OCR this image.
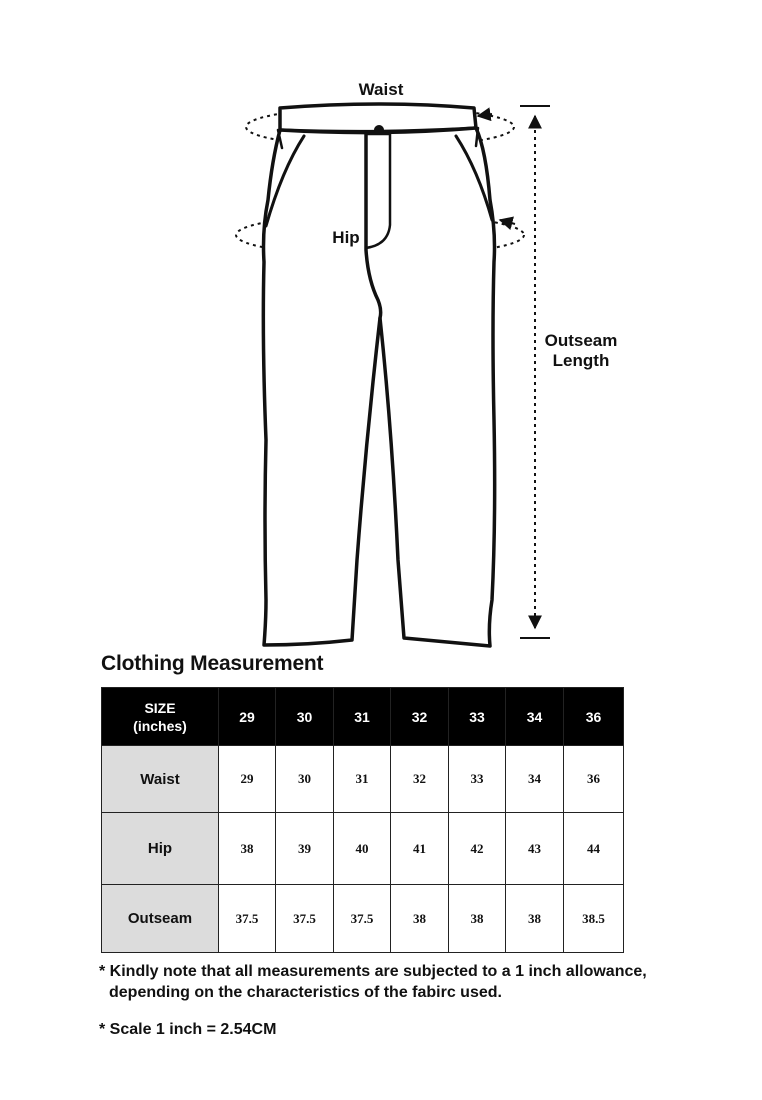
Waist
Hip
Outseam
Length
Clothing Measurement
SIZE
(inches)	29	30	31	32	33	34	36
Waist	29	30	31	32	33	34	36
Hip	38	39	40	41	42	43	44
Outseam	37.5	37.5	37.5	38	38	38	38.5
* Kindly note that all measurements are subjected to a 1 inch allowance,
depending on the characteristics of the fabirc used.
* Scale 1 inch = 2.54CM
